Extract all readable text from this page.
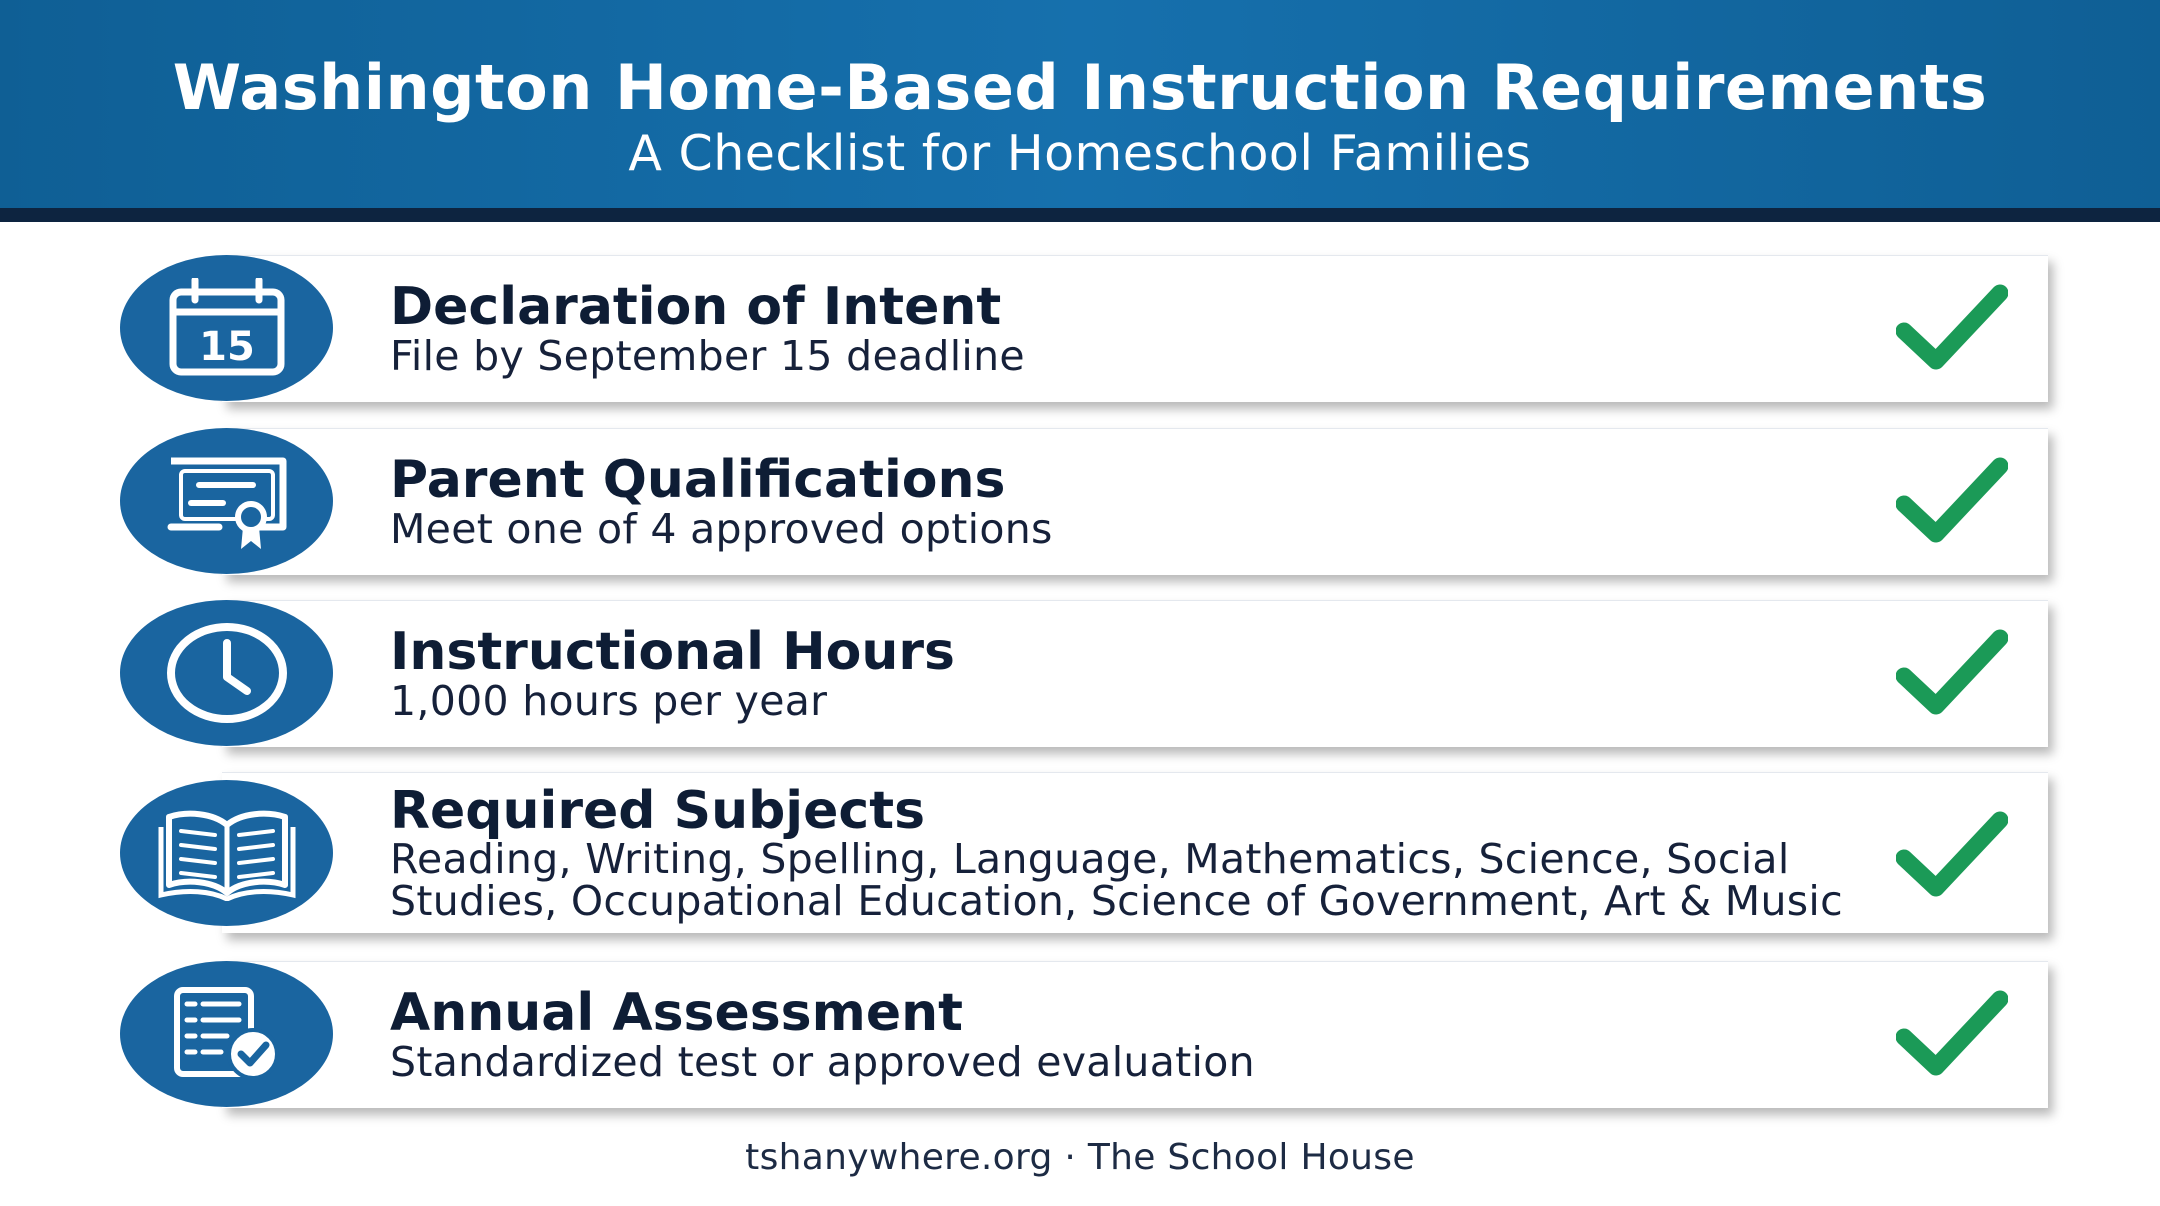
Washington Home-Based Instruction Requirements
A Checklist for Homeschool Families
15
Declaration of Intent
File by September 15 deadline
Parent Qualifications
Meet one of 4 approved options
Instructional Hours
1,000 hours per year
Required Subjects
Reading, Writing, Spelling, Language, Mathematics, Science, Social
Studies, Occupational Education, Science of Government, Art & Music
Annual Assessment
Standardized test or approved evaluation
tshanywhere.org · The School House
